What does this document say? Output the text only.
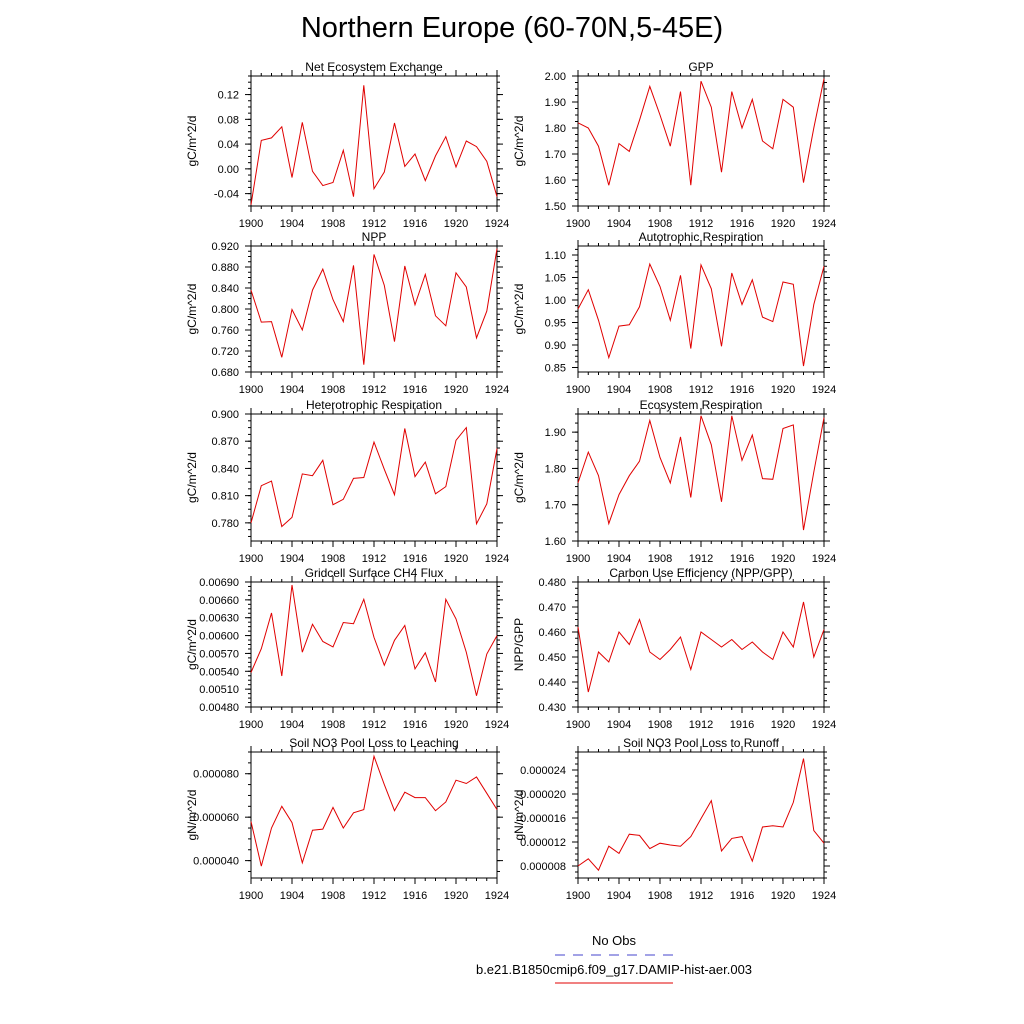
Northern Europe (60-70N,5-45E)
Net Ecosystem Exchange
gC/m^2/d
1900 1904 1908 1912 1916 1920 1924
-0.04
0.00
0.04
0.08
0.12
GPP
gC/m^2/d
1900 1904 1908 1912 1916 1920 1924
1.50
1.60
1.70
1.80
1.90
2.00
NPP
gC/m^2/d
1900 1904 1908 1912 1916 1920 1924
0.680
0.720
0.760
0.800
0.840
0.880
0.920
Autotrophic Respiration
gC/m^2/d
1900 1904 1908 1912 1916 1920 1924
0.85
0.90
0.95
1.00
1.05
1.10
Heterotrophic Respiration
gC/m^2/d
1900 1904 1908 1912 1916 1920 1924
0.780
0.810
0.840
0.870
0.900
Ecosystem Respiration
gC/m^2/d
1900 1904 1908 1912 1916 1920 1924
1.60
1.70
1.80
1.90
Gridcell Surface CH4 Flux
gC/m^2/d
1900 1904 1908 1912 1916 1920 1924
0.00480
0.00510
0.00540
0.00570
0.00600
0.00630
0.00660
0.00690
Carbon Use Efficiency (NPP/GPP)
NPP/GPP
1900 1904 1908 1912 1916 1920 1924
0.430
0.440
0.450
0.460
0.470
0.480
Soil NO3 Pool Loss to Leaching
gN/m^2/d
1900 1904 1908 1912 1916 1920 1924
0.000040
0.000060
0.000080
Soil NO3 Pool Loss to Runoff
gN/m^2/d
1900 1904 1908 1912 1916 1920 1924
0.000008
0.000012
0.000016
0.000020
0.000024
No Obs
b.e21.B1850cmip6.f09_g17.DAMIP-hist-aer.003
